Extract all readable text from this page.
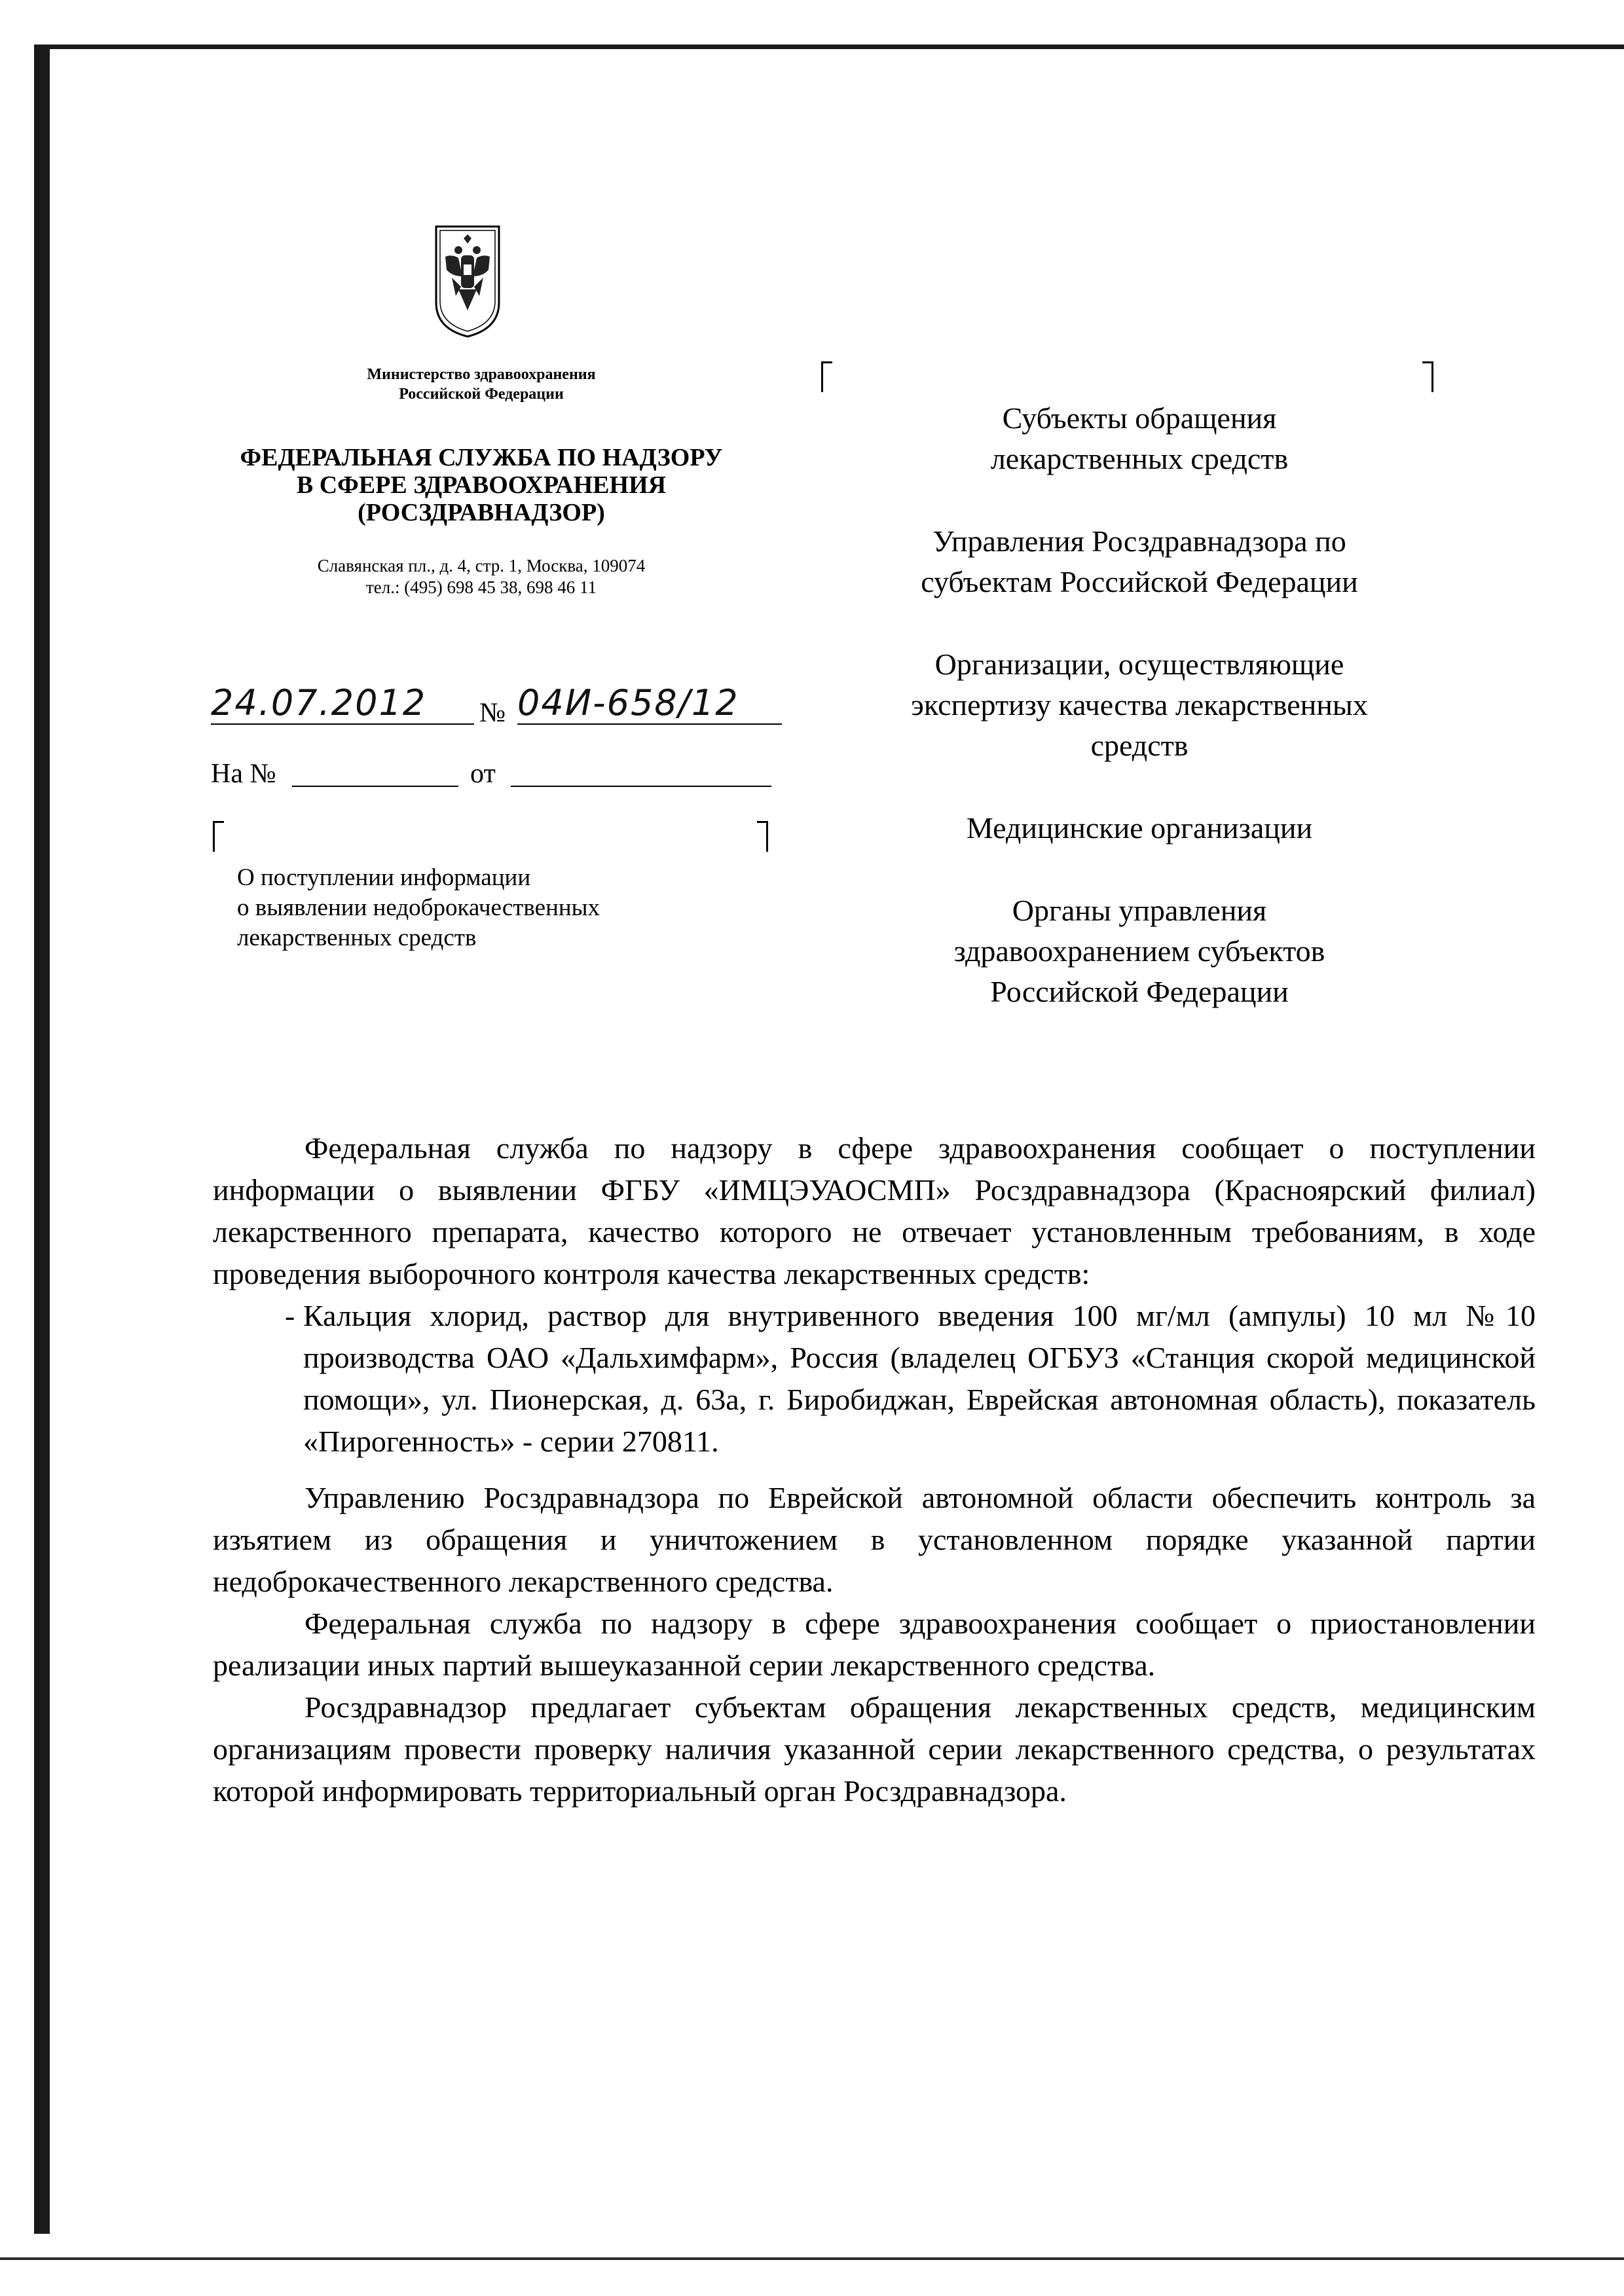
Министерство здравоохранения
Российской Федерации
ФЕДЕРАЛЬНАЯ СЛУЖБА ПО НАДЗОРУ
В СФЕРЕ ЗДРАВООХРАНЕНИЯ
(РОСЗДРАВНАДЗОР)
Славянская пл., д. 4, стр. 1, Москва, 109074
тел.: (495) 698 45 38, 698 46 11
24.07.2012 № 04И-658/12
На №	от
О поступлении информации
о выявлении недоброкачественных
лекарственных средств
Субъекты обращения
лекарственных средств
Управления Росздравнадзора по
субъектам Российской Федерации
Организации, осуществляющие
экспертизу качества лекарственных
средств
Медицинские организации
Органы управления
здравоохранением субъектов
Российской Федерации

Федеральная служба по надзору в сфере здравоохранения сообщает о поступлении информации о выявлении ФГБУ «ИМЦЭУАОСМП» Росздравнадзора (Красноярский филиал) лекарственного препарата, качество которого не отвечает установленным требованиям, в ходе проведения выборочного контроля качества лекарственных средств:

- Кальция хлорид, раствор для внутривенного введения 100 мг/мл (ампулы) 10 мл №10 производства ОАО «Дальхимфарм», Россия (владелец ОГБУЗ «Станция скорой медицинской помощи», ул. Пионерская, д. 63а, г. Биробиджан, Еврейская автономная область), показатель «Пирогенность» - серии 270811.

Управлению Росздравнадзора по Еврейской автономной области обеспечить контроль за изъятием из обращения и уничтожением в установленном порядке указанной партии недоброкачественного лекарственного средства.

Федеральная служба по надзору в сфере здравоохранения сообщает о приостановлении реализации иных партий вышеуказанной серии лекарственного средства.

Росздравнадзор предлагает субъектам обращения лекарственных средств, медицинским организациям провести проверку наличия указанной серии лекарственного средства, о результатах которой информировать территориальный орган Росздравнадзора.
